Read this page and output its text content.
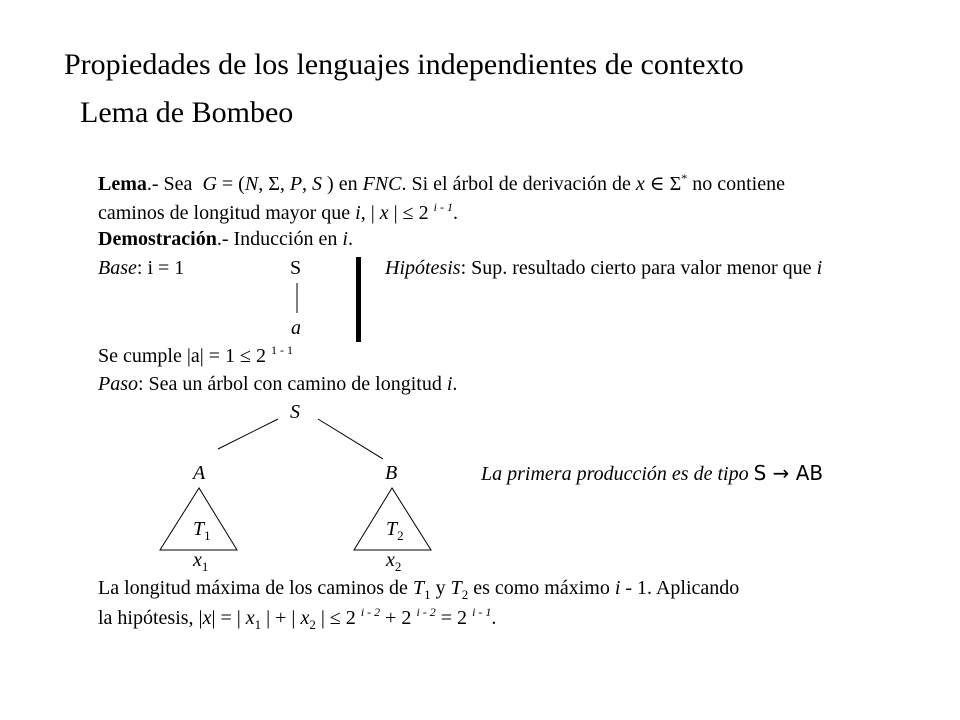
Propiedades de los lenguajes independientes de contexto
Lema de Bombeo
Lema.- Sea G = (N, Σ, P, S ) en FNC. Si el árbol de derivación de x ∈ Σ* no contiene
caminos de longitud mayor que i, | x | ≤ 2 $^{i - 1}$.
Demostración.- Inducción en i.
Base: i = 1	S
a
Hipótesis: Sup. resultado cierto para valor menor que i
Se cumple |a| = 1 ≤ 2 $^{1 - 1}$
Paso: Sea un árbol con camino de longitud i.
S
A	B	La primera producción es de tipo S → AB
$T_1$	$T_2$
$x_1$	$x_2$
La longitud máxima de los caminos de $T_1$ y $T_2$ es como máximo i - 1. Aplicando
la hipótesis, |x| = | $x_1$ | + | $x_2$ | ≤ 2 $^{i - 2}$ + 2 $^{i - 2}$ = 2 $^{i - 1}$.
